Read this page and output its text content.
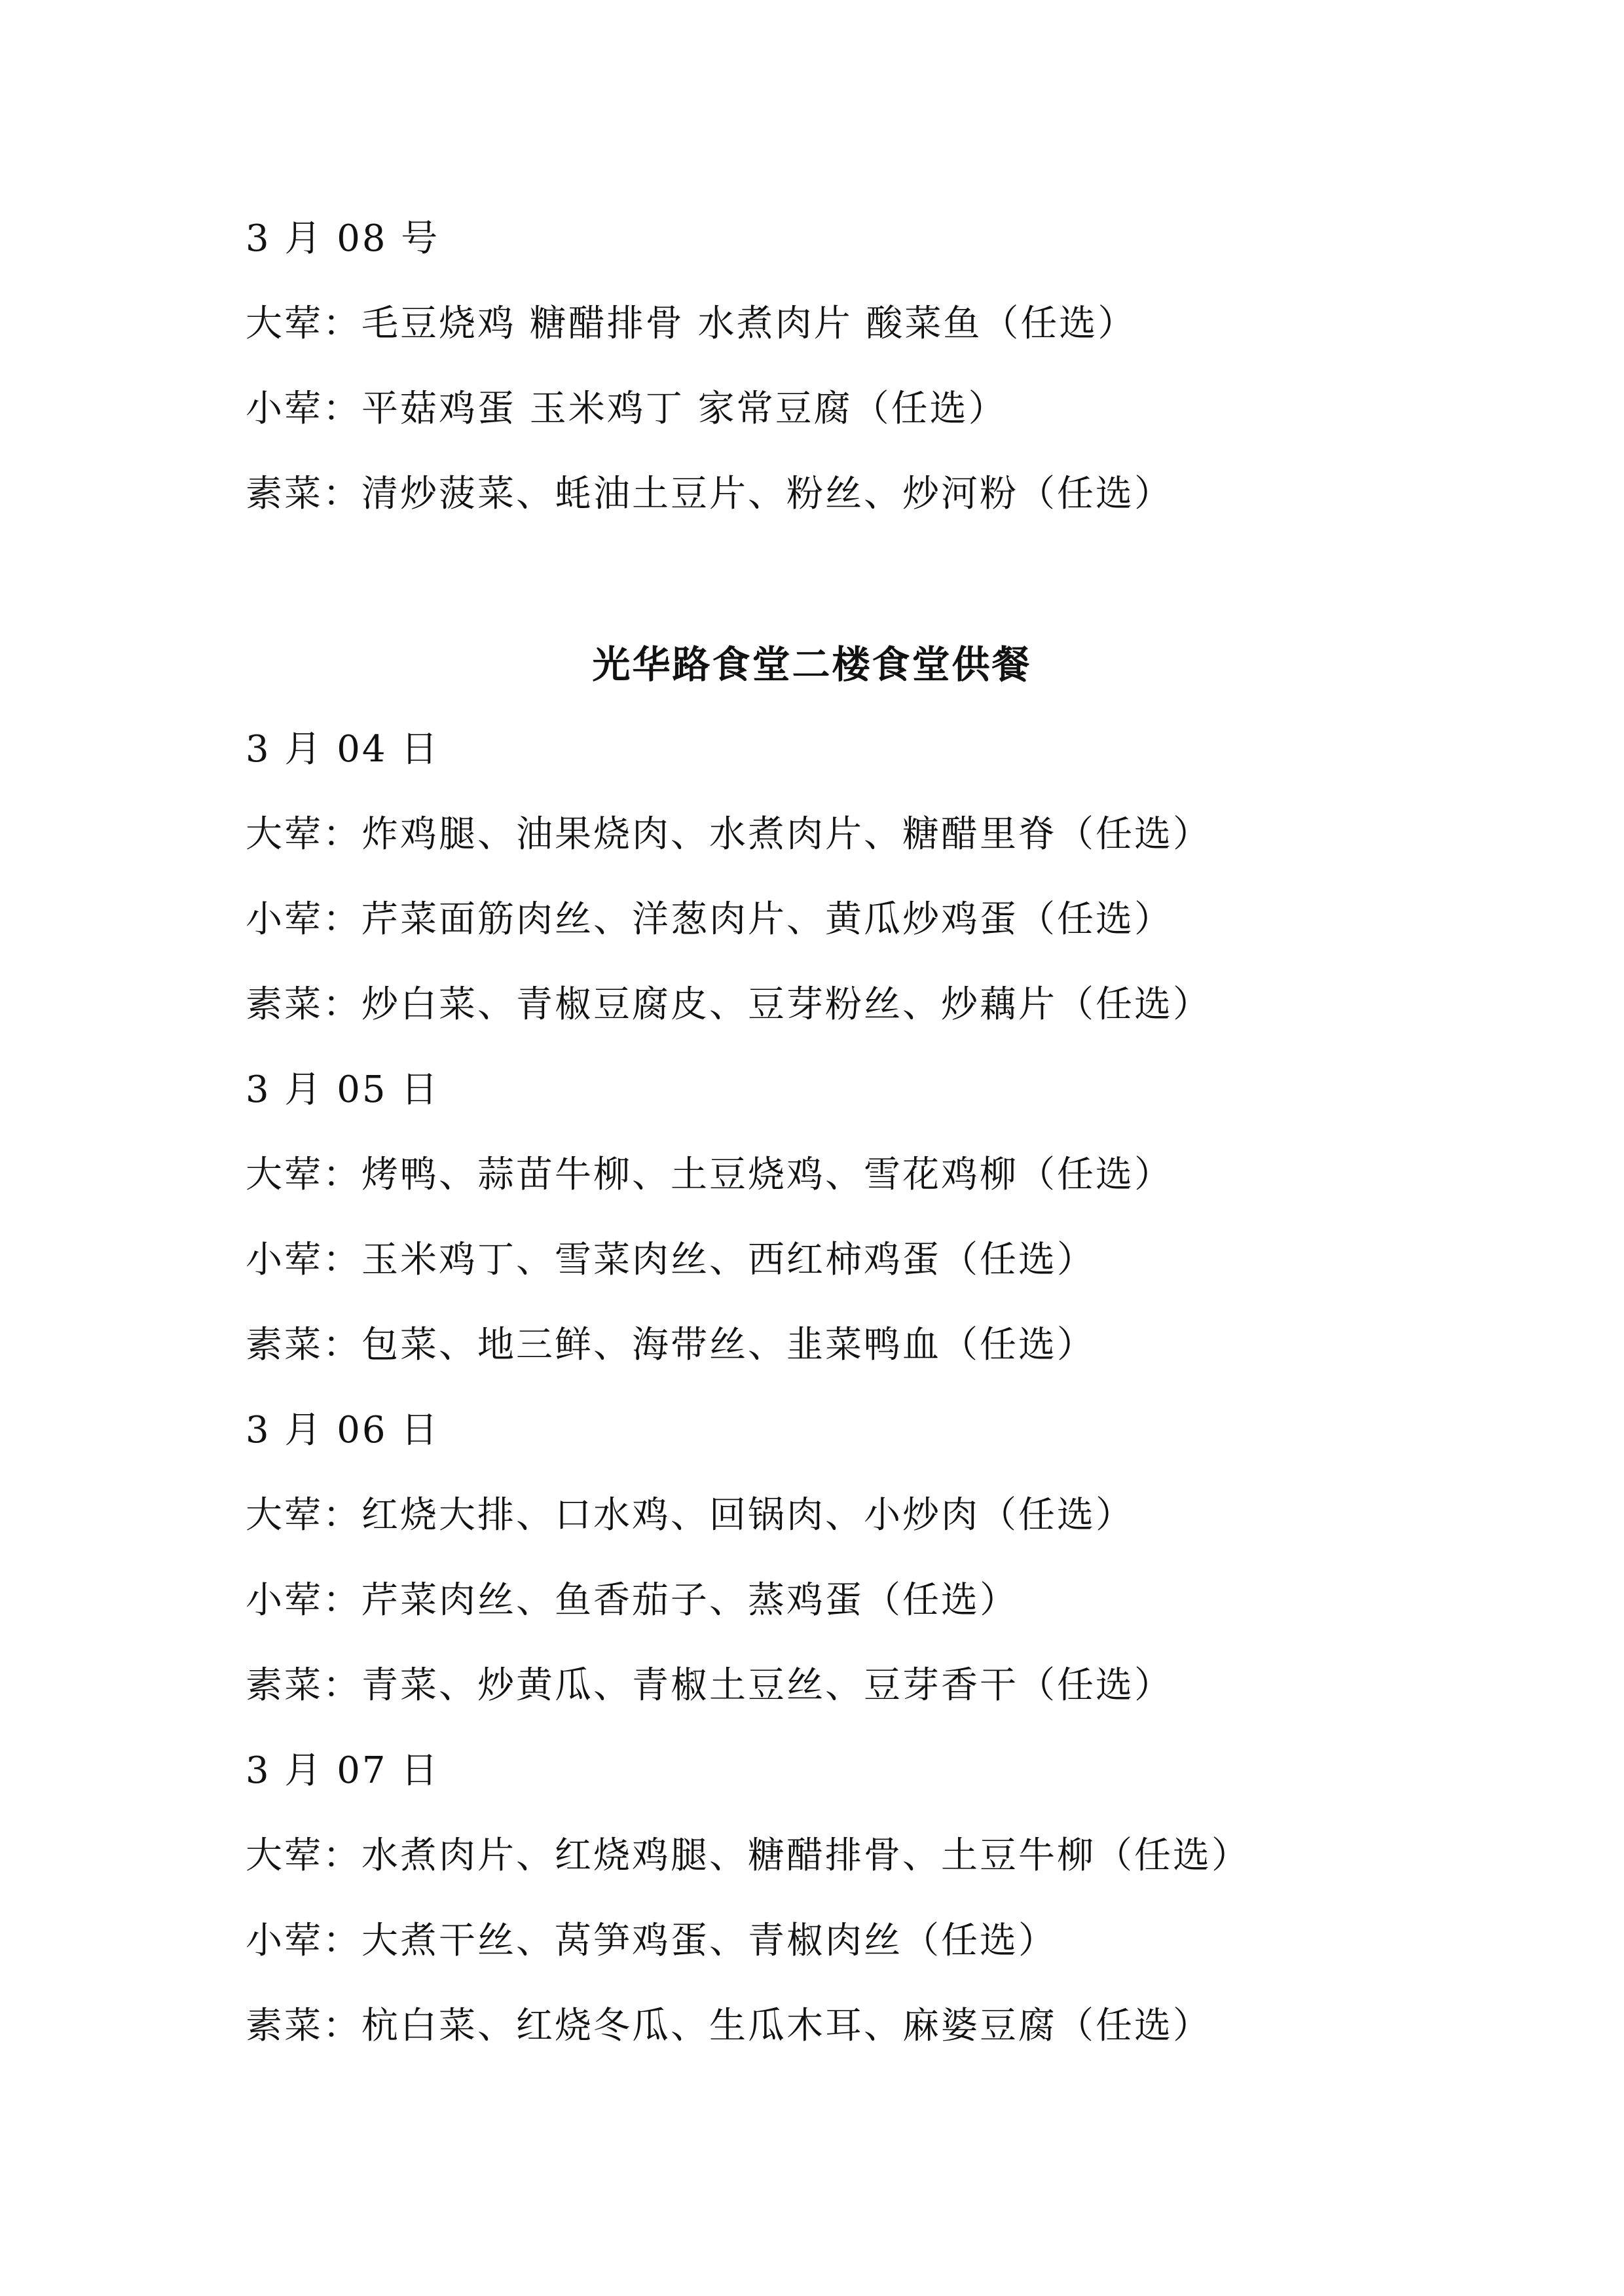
3 月 08 号
大荤：毛豆烧鸡 糖醋排骨 水煮肉片 酸菜鱼（任选）
小荤：平菇鸡蛋 玉米鸡丁 家常豆腐（任选）
素菜：清炒菠菜、蚝油土豆片、粉丝、炒河粉（任选）
光华路食堂二楼食堂供餐
3 月 04 日
大荤：炸鸡腿、油果烧肉、水煮肉片、糖醋里脊（任选）
小荤：芹菜面筋肉丝、洋葱肉片、黄瓜炒鸡蛋（任选）
素菜：炒白菜、青椒豆腐皮、豆芽粉丝、炒藕片（任选）
3 月 05 日
大荤：烤鸭、蒜苗牛柳、土豆烧鸡、雪花鸡柳（任选）
小荤：玉米鸡丁、雪菜肉丝、西红柿鸡蛋（任选）
素菜：包菜、地三鲜、海带丝、韭菜鸭血（任选）
3 月 06 日
大荤：红烧大排、口水鸡、回锅肉、小炒肉（任选）
小荤：芹菜肉丝、鱼香茄子、蒸鸡蛋（任选）
素菜：青菜、炒黄瓜、青椒土豆丝、豆芽香干（任选）
3 月 07 日
大荤：水煮肉片、红烧鸡腿、糖醋排骨、土豆牛柳（任选）
小荤：大煮干丝、莴笋鸡蛋、青椒肉丝（任选）
素菜：杭白菜、红烧冬瓜、生瓜木耳、麻婆豆腐（任选）
